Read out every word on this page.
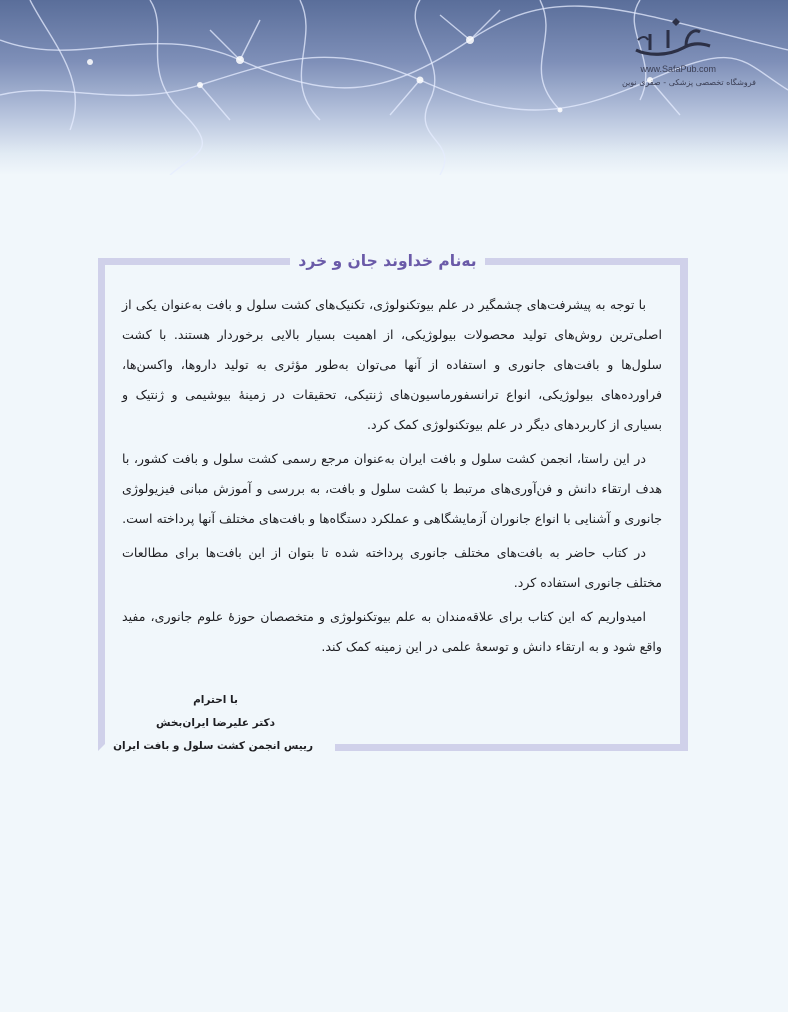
www.SafaPub.com
فروشگاه تخصصی پزشکی - صفری نوین
به‌نام خداوند جان و خرد

با توجه به پیشرفت‌های چشمگیر در علم بیوتکنولوژی، تکنیک‌های کشت سلول و بافت به‌عنوان یکی از اصلی‌ترین روش‌های تولید محصولات بیولوژیکی، از اهمیت بسیار بالایی برخوردار هستند. با کشت سلول‌ها و بافت‌های جانوری و استفاده از آنها می‌توان به‌طور مؤثری به تولید داروها، واکسن‌ها، فراورده‌های بیولوژیکی، انواع ترانسفورماسیون‌های ژنتیکی، تحقیقات در زمینهٔ بیوشیمی و ژنتیک و بسیاری از کاربردهای دیگر در علم بیوتکنولوژی کمک کرد.

در این راستا، انجمن کشت سلول و بافت ایران به‌عنوان مرجع رسمی کشت سلول و بافت کشور، با هدف ارتقاء دانش و فن‌آوری‌های مرتبط با کشت سلول و بافت، به بررسی و آموزش مبانی فیزیولوژی جانوری و آشنایی با انواع جانوران آزمایشگاهی و عملکرد دستگاه‌ها و بافت‌های مختلف آنها پرداخته است.

در کتاب حاضر به بافت‌های مختلف جانوری پرداخته شده تا بتوان از این بافت‌ها برای مطالعات مختلف جانوری استفاده کرد.

امیدواریم که این کتاب برای علاقه‌مندان به علم بیوتکنولوژی و متخصصان حوزهٔ علوم جانوری، مفید واقع شود و به ارتقاء دانش و توسعهٔ علمی در این زمینه کمک کند.

با احترام
دکتر علیرضا ایران‌بخش
رییس انجمن کشت سلول و بافت ایران
